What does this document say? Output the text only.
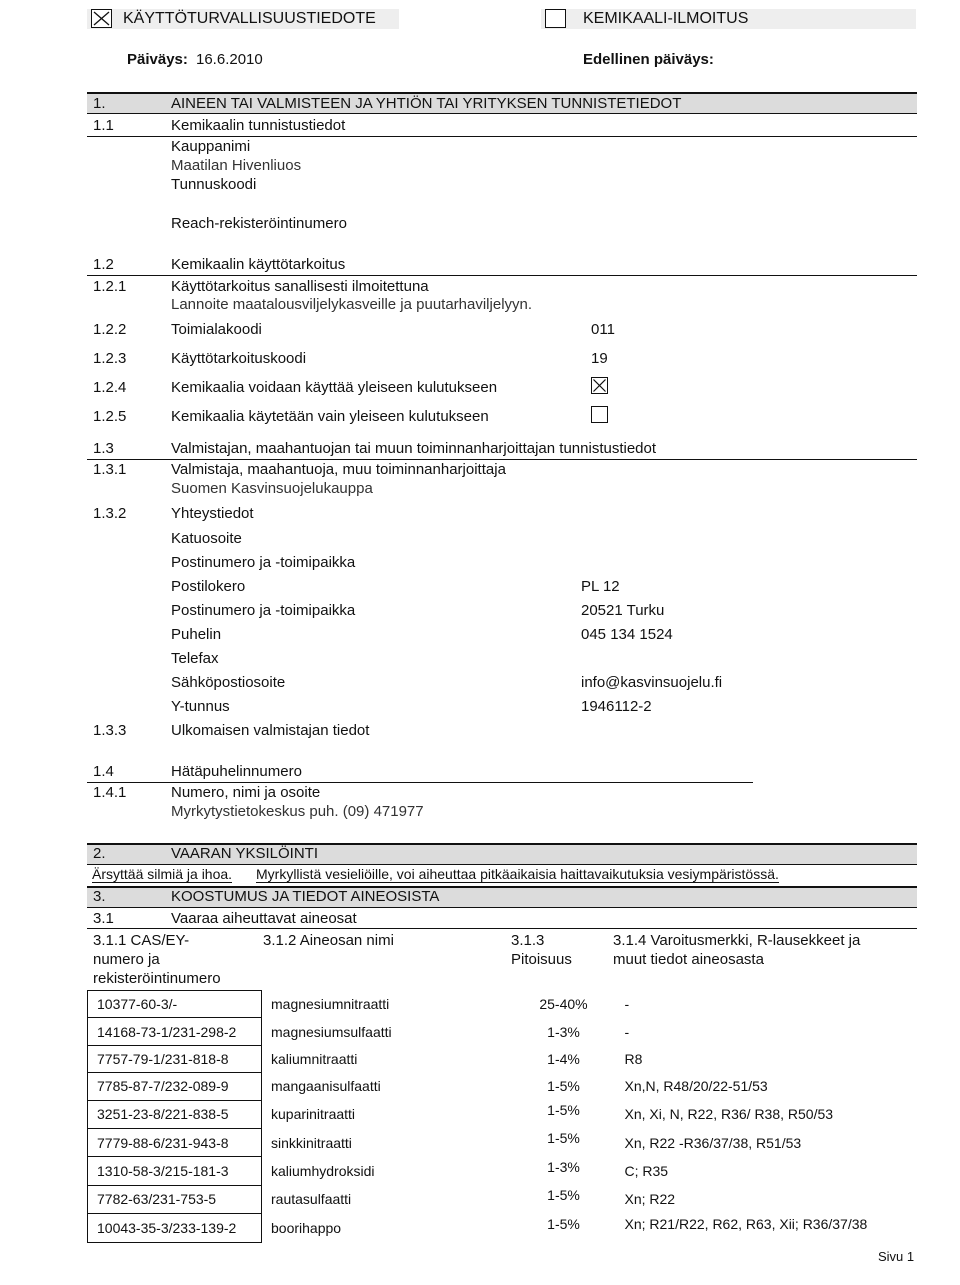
KÄYTTÖTURVALLISUUSTIEDOTE	KEMIKAALI-ILMOITUS
Päiväys: 16.6.2010	Edellinen päiväys:
1.	AINEEN TAI VALMISTEEN JA YHTIÖN TAI YRITYKSEN TUNNISTETIEDOT
1.1	Kemikaalin tunnistustiedot
Kauppanimi
Maatilan Hivenliuos
Tunnuskoodi
Reach-rekisteröintinumero
1.2	Kemikaalin käyttötarkoitus
1.2.1	Käyttötarkoitus sanallisesti ilmoitettuna
Lannoite maatalousviljelykasveille ja puutarhaviljelyyn.
1.2.2	Toimialakoodi	011
1.2.3	Käyttötarkoituskoodi	19
1.2.4	Kemikaalia voidaan käyttää yleiseen kulutukseen
1.2.5	Kemikaalia käytetään vain yleiseen kulutukseen
1.3	Valmistajan, maahantuojan tai muun toiminnanharjoittajan tunnistustiedot
1.3.1	Valmistaja, maahantuoja, muu toiminnanharjoittaja
Suomen Kasvinsuojelukauppa
1.3.2	Yhteystiedot
Katuosoite
Postinumero ja -toimipaikka
Postilokero	PL 12
Postinumero ja -toimipaikka	20521 Turku
Puhelin	045 134 1524
Telefax
Sähköpostiosoite	info@kasvinsuojelu.fi
Y-tunnus	1946112-2
1.3.3	Ulkomaisen valmistajan tiedot
1.4	Hätäpuhelinnumero
1.4.1	Numero, nimi ja osoite
Myrkytystietokeskus puh. (09) 471977
2.	VAARAN YKSILÖINTI
Ärsyttää silmiä ja ihoa. Myrkyllistä vesieliöille, voi aiheuttaa pitkäaikaisia haittavaikutuksia vesiympäristössä.
3.	KOOSTUMUS JA TIEDOT AINEOSISTA
3.1	Vaaraa aiheuttavat aineosat
3.1.1 CAS/EY-
numero ja
rekisteröintinumero
3.1.2 Aineosan nimi	3.1.3
Pitoisuus
3.1.4 Varoitusmerkki, R-lausekkeet ja
muut tiedot aineosasta
10377-60-3/-	magnesiumnitraatti	25-40%	-
14168-73-1/231-298-2	magnesiumsulfaatti	1-3%	-
7757-79-1/231-818-8	kaliumnitraatti	1-4%	R8
7785-87-7/232-089-9	mangaanisulfaatti	1-5%	Xn,N, R48/20/22-51/53
3251-23-8/221-838-5	kuparinitraatti	1-5%	Xn, Xi, N, R22, R36/ R38, R50/53
7779-88-6/231-943-8	sinkkinitraatti	1-5%	Xn, R22 -R36/37/38, R51/53
1310-58-3/215-181-3	kaliumhydroksidi	1-3%	C; R35
7782-63/231-753-5	rautasulfaatti	1-5%	Xn; R22
10043-35-3/233-139-2	boorihappo	1-5%	Xn; R21/R22, R62, R63, Xii; R36/37/38
Sivu 1
